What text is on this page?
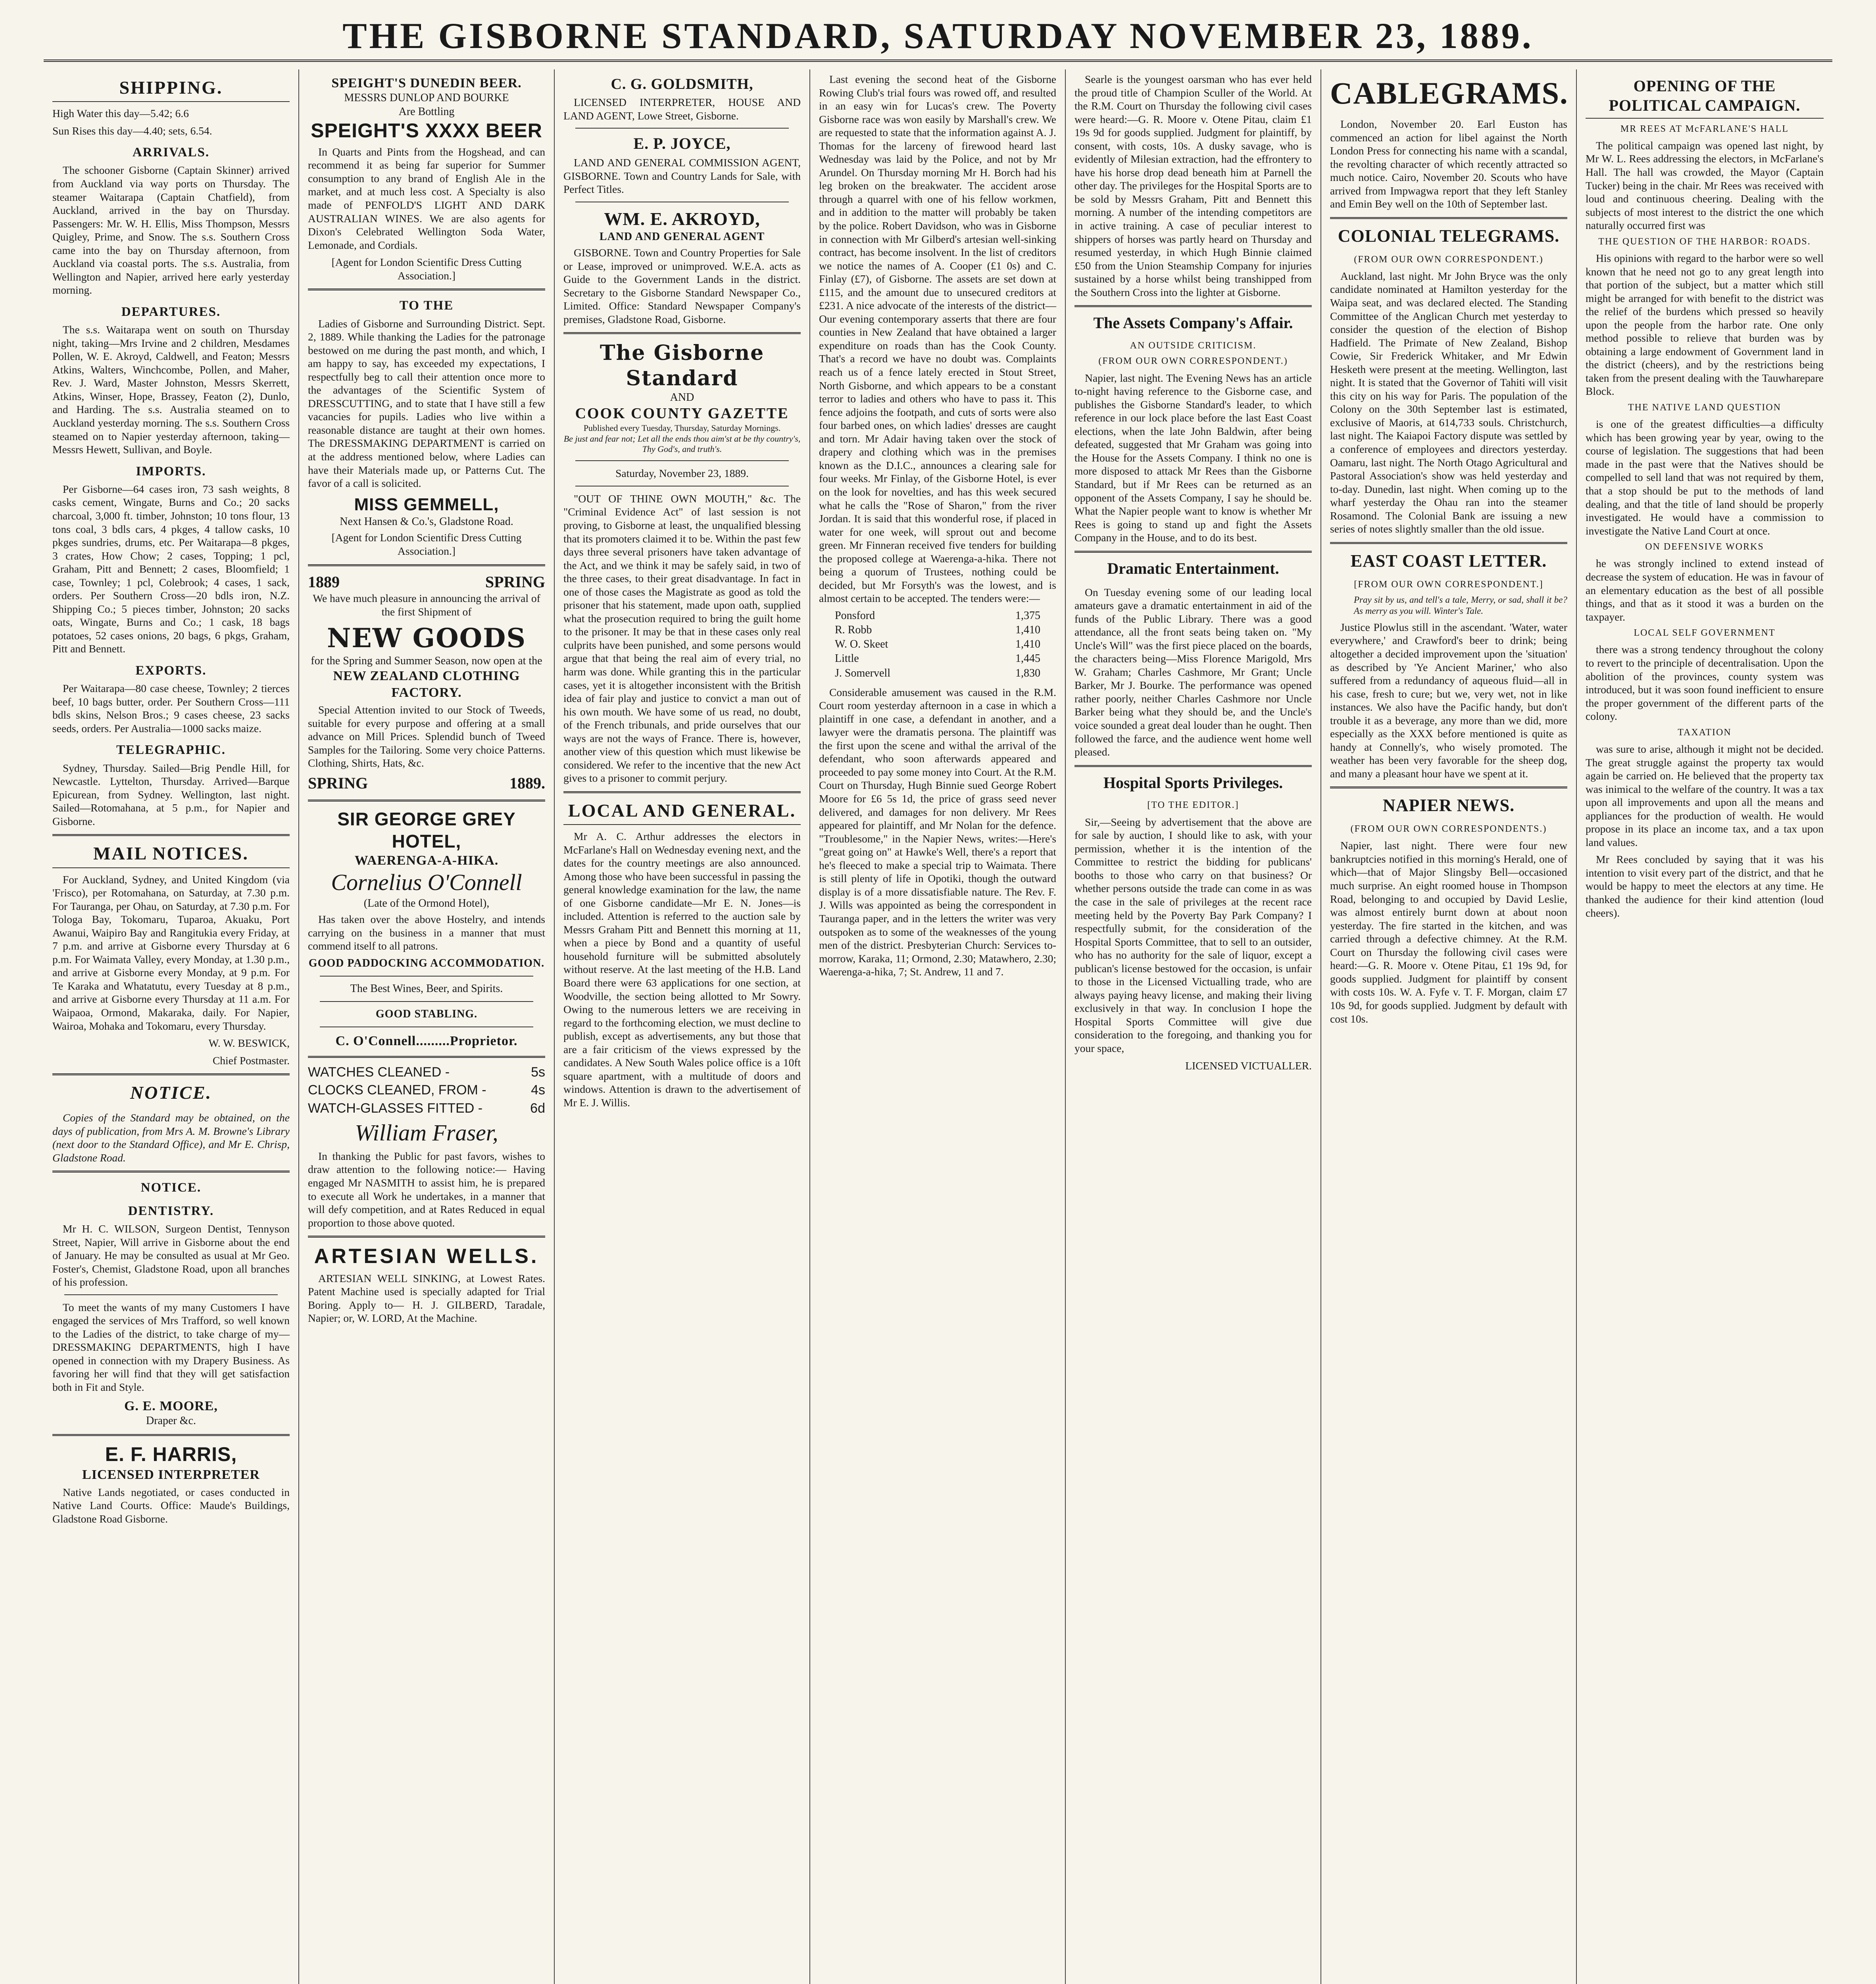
THE GISBORNE STANDARD, SATURDAY NOVEMBER 23, 1889.
SHIPPING.

High Water this day—5.42; 6.6

Sun Rises this day—4.40; sets, 6.54.

ARRIVALS.

The schooner Gisborne (Captain Skinner) arrived from Auckland via way ports on Thursday. The steamer Waitarapa (Captain Chatfield), from Auckland, arrived in the bay on Thursday. Passengers: Mr. W. H. Ellis, Miss Thompson, Messrs Quigley, Prime, and Snow. The s.s. Southern Cross came into the bay on Thursday afternoon, from Auckland via coastal ports. The s.s. Australia, from Wellington and Napier, arrived here early yesterday morning.

DEPARTURES.

The s.s. Waitarapa went on south on Thursday night, taking—Mrs Irvine and 2 children, Mesdames Pollen, W. E. Akroyd, Caldwell, and Featon; Messrs Atkins, Walters, Winchcombe, Pollen, and Maher, Rev. J. Ward, Master Johnston, Messrs Skerrett, Atkins, Winser, Hope, Brassey, Featon (2), Dunlo, and Harding. The s.s. Australia steamed on to Auckland yesterday morning. The s.s. Southern Cross steamed on to Napier yesterday afternoon, taking—Messrs Hewett, Sullivan, and Boyle.

IMPORTS.

Per Gisborne—64 cases iron, 73 sash weights, 8 casks cement, Wingate, Burns and Co.; 20 sacks charcoal, 3,000 ft. timber, Johnston; 10 tons flour, 13 tons coal, 3 bdls cars, 4 pkges, 4 tallow casks, 10 pkges sundries, drums, etc. Per Waitarapa—8 pkges, 3 crates, How Chow; 2 cases, Topping; 1 pcl, Graham, Pitt and Bennett; 2 cases, Bloomfield; 1 case, Townley; 1 pcl, Colebrook; 4 cases, 1 sack, orders. Per Southern Cross—20 bdls iron, N.Z. Shipping Co.; 5 pieces timber, Johnston; 20 sacks oats, Wingate, Burns and Co.; 1 cask, 18 bags potatoes, 52 cases onions, 20 bags, 6 pkgs, Graham, Pitt and Bennett.

EXPORTS.

Per Waitarapa—80 case cheese, Townley; 2 tierces beef, 10 bags butter, order. Per Southern Cross—111 bdls skins, Nelson Bros.; 9 cases cheese, 23 sacks seeds, orders. Per Australia—1000 sacks maize.

TELEGRAPHIC.

Sydney, Thursday. Sailed—Brig Pendle Hill, for Newcastle. Lyttelton, Thursday. Arrived—Barque Epicurean, from Sydney. Wellington, last night. Sailed—Rotomahana, at 5 p.m., for Napier and Gisborne.

MAIL NOTICES.

For Auckland, Sydney, and United Kingdom (via 'Frisco), per Rotomahana, on Saturday, at 7.30 p.m. For Tauranga, per Ohau, on Saturday, at 7.30 p.m. For Tologa Bay, Tokomaru, Tuparoa, Akuaku, Port Awanui, Waipiro Bay and Rangitukia every Friday, at 7 p.m. and arrive at Gisborne every Thursday at 6 p.m. For Waimata Valley, every Monday, at 1.30 p.m., and arrive at Gisborne every Monday, at 9 p.m. For Te Karaka and Whatatutu, every Tuesday at 8 p.m., and arrive at Gisborne every Thursday at 11 a.m. For Waipaoa, Ormond, Makaraka, daily. For Napier, Wairoa, Mohaka and Tokomaru, every Thursday.

W. W. BESWICK,

Chief Postmaster.

NOTICE.

Copies of the Standard may be obtained, on the days of publication, from Mrs A. M. Browne's Library (next door to the Standard Office), and Mr E. Chrisp, Gladstone Road.

NOTICE.
DENTISTRY.

Mr H. C. WILSON, Surgeon Dentist, Tennyson Street, Napier, Will arrive in Gisborne about the end of January. He may be consulted as usual at Mr Geo. Foster's, Chemist, Gladstone Road, upon all branches of his profession.

To meet the wants of my many Customers I have engaged the services of Mrs Trafford, so well known to the Ladies of the district, to take charge of my—DRESSMAKING DEPARTMENTS, high I have opened in connection with my Drapery Business. As favoring her will find that they will get satisfaction both in Fit and Style.

G. E. MOORE,
Draper &c.
E. F. HARRIS,
LICENSED INTERPRETER

Native Lands negotiated, or cases conducted in Native Land Courts. Office: Maude's Buildings, Gladstone Road Gisborne.

SPEIGHT'S DUNEDIN BEER.
MESSRS DUNLOP AND BOURKE
Are Bottling
SPEIGHT'S XXXX BEER

In Quarts and Pints from the Hogshead, and can recommend it as being far superior for Summer consumption to any brand of English Ale in the market, and at much less cost. A Specialty is also made of PENFOLD'S LIGHT AND DARK AUSTRALIAN WINES. We are also agents for Dixon's Celebrated Wellington Soda Water, Lemonade, and Cordials.

[Agent for London Scientific Dress Cutting Association.]

TO THE

Ladies of Gisborne and Surrounding District. Sept. 2, 1889. While thanking the Ladies for the patronage bestowed on me during the past month, and which, I am happy to say, has exceeded my expectations, I respectfully beg to call their attention once more to the advantages of the Scientific System of DRESSCUTTING, and to state that I have still a few vacancies for pupils. Ladies who live within a reasonable distance are taught at their own homes. The DRESSMAKING DEPARTMENT is carried on at the address mentioned below, where Ladies can have their Materials made up, or Patterns Cut. The favor of a call is solicited.

MISS GEMMELL,
Next Hansen & Co.'s, Gladstone Road.

[Agent for London Scientific Dress Cutting Association.]

1889	SPRING

We have much pleasure in announcing the arrival of the first Shipment of

NEW GOODS
for the Spring and Summer Season, now open at the
NEW ZEALAND CLOTHING FACTORY.

Special Attention invited to our Stock of Tweeds, suitable for every purpose and offering at a small advance on Mill Prices. Splendid bunch of Tweed Samples for the Tailoring. Some very choice Patterns. Clothing, Shirts, Hats, &c.

SPRING	1889.
SIR GEORGE GREY HOTEL,
WAERENGA-A-HIKA.
Cornelius O'Connell
(Late of the Ormond Hotel),

Has taken over the above Hostelry, and intends carrying on the business in a manner that must commend itself to all patrons.

GOOD PADDOCKING ACCOMMODATION.
The Best Wines, Beer, and Spirits.
GOOD STABLING.
C. O'Connell.........Proprietor.
WATCHES CLEANED -	5s
CLOCKS CLEANED, FROM -	4s
WATCH-GLASSES FITTED -	6d
William Fraser,

In thanking the Public for past favors, wishes to draw attention to the following notice:— Having engaged Mr NASMITH to assist him, he is prepared to execute all Work he undertakes, in a manner that will defy competition, and at Rates Reduced in equal proportion to those above quoted.

ARTESIAN WELLS.

ARTESIAN WELL SINKING, at Lowest Rates. Patent Machine used is specially adapted for Trial Boring. Apply to— H. J. GILBERD, Taradale, Napier; or, W. LORD, At the Machine.

C. G. GOLDSMITH,

LICENSED INTERPRETER, HOUSE AND LAND AGENT, Lowe Street, Gisborne.

E. P. JOYCE,

LAND AND GENERAL COMMISSION AGENT, GISBORNE. Town and Country Lands for Sale, with Perfect Titles.

WM. E. AKROYD,
LAND AND GENERAL AGENT

GISBORNE. Town and Country Properties for Sale or Lease, improved or unimproved. W.E.A. acts as Guide to the Government Lands in the district. Secretary to the Gisborne Standard Newspaper Co., Limited. Office: Standard Newspaper Company's premises, Gladstone Road, Gisborne.

The Gisborne Standard
AND
COOK COUNTY GAZETTE
Published every Tuesday, Thursday, Saturday Mornings.
Be just and fear not; Let all the ends thou aim'st at be thy country's, Thy God's, and truth's.

Saturday, November 23, 1889.

"OUT OF THINE OWN MOUTH," &c. The "Criminal Evidence Act" of last session is not proving, to Gisborne at least, the unqualified blessing that its promoters claimed it to be. Within the past few days three several prisoners have taken advantage of the Act, and we think it may be safely said, in two of the three cases, to their great disadvantage. In fact in one of those cases the Magistrate as good as told the prisoner that his statement, made upon oath, supplied what the prosecution required to bring the guilt home to the prisoner. It may be that in these cases only real culprits have been punished, and some persons would argue that that being the real aim of every trial, no harm was done. While granting this in the particular cases, yet it is altogether inconsistent with the British idea of fair play and justice to convict a man out of his own mouth. We have some of us read, no doubt, of the French tribunals, and pride ourselves that our ways are not the ways of France. There is, however, another view of this question which must likewise be considered. We refer to the incentive that the new Act gives to a prisoner to commit perjury.

LOCAL AND GENERAL.

Mr A. C. Arthur addresses the electors in McFarlane's Hall on Wednesday evening next, and the dates for the country meetings are also announced. Among those who have been successful in passing the general knowledge examination for the law, the name of one Gisborne candidate—Mr E. N. Jones—is included. Attention is referred to the auction sale by Messrs Graham Pitt and Bennett this morning at 11, when a piece by Bond and a quantity of useful household furniture will be submitted absolutely without reserve. At the last meeting of the H.B. Land Board there were 63 applications for one section, at Woodville, the section being allotted to Mr Sowry. Owing to the numerous letters we are receiving in regard to the forthcoming election, we must decline to publish, except as advertisements, any but those that are a fair criticism of the views expressed by the candidates. A New South Wales police office is a 10ft square apartment, with a multitude of doors and windows. Attention is drawn to the advertisement of Mr E. J. Willis.

Last evening the second heat of the Gisborne Rowing Club's trial fours was rowed off, and resulted in an easy win for Lucas's crew. The Poverty Gisborne race was won easily by Marshall's crew. We are requested to state that the information against A. J. Thomas for the larceny of firewood heard last Wednesday was laid by the Police, and not by Mr Arundel. On Thursday morning Mr H. Borch had his leg broken on the breakwater. The accident arose through a quarrel with one of his fellow workmen, and in addition to the matter will probably be taken by the police. Robert Davidson, who was in Gisborne in connection with Mr Gilberd's artesian well-sinking contract, has become insolvent. In the list of creditors we notice the names of A. Cooper (£1 0s) and C. Finlay (£7), of Gisborne. The assets are set down at £115, and the amount due to unsecured creditors at £231. A nice advocate of the interests of the district—Our evening contemporary asserts that there are four counties in New Zealand that have obtained a larger expenditure on roads than has the Cook County. That's a record we have no doubt was. Complaints reach us of a fence lately erected in Stout Street, North Gisborne, and which appears to be a constant terror to ladies and others who have to pass it. This fence adjoins the footpath, and cuts of sorts were also four barbed ones, on which ladies' dresses are caught and torn. Mr Adair having taken over the stock of drapery and clothing which was in the premises known as the D.I.C., announces a clearing sale for four weeks. Mr Finlay, of the Gisborne Hotel, is ever on the look for novelties, and has this week secured what he calls the "Rose of Sharon," from the river Jordan. It is said that this wonderful rose, if placed in water for one week, will sprout out and become green. Mr Finneran received five tenders for building the proposed college at Waerenga-a-hika. There not being a quorum of Trustees, nothing could be decided, but Mr Forsyth's was the lowest, and is almost certain to be accepted. The tenders were:—

Ponsford	1,375
R. Robb	1,410
W. O. Skeet	1,410
Little	1,445
J. Somervell	1,830

Considerable amusement was caused in the R.M. Court room yesterday afternoon in a case in which a plaintiff in one case, a defendant in another, and a lawyer were the dramatis persona. The plaintiff was the first upon the scene and withal the arrival of the defendant, who soon afterwards appeared and proceeded to pay some money into Court. At the R.M. Court on Thursday, Hugh Binnie sued George Robert Moore for £6 5s 1d, the price of grass seed never delivered, and damages for non delivery. Mr Rees appeared for plaintiff, and Mr Nolan for the defence. "Troublesome," in the Napier News, writes:—Here's "great going on" at Hawke's Well, there's a report that he's fleeced to make a special trip to Waimata. There is still plenty of life in Opotiki, though the outward display is of a more dissatisfiable nature. The Rev. F. J. Wills was appointed as being the correspondent in Tauranga paper, and in the letters the writer was very outspoken as to some of the weaknesses of the young men of the district. Presbyterian Church: Services to-morrow, Karaka, 11; Ormond, 2.30; Matawhero, 2.30; Waerenga-a-hika, 7; St. Andrew, 11 and 7.

Searle is the youngest oarsman who has ever held the proud title of Champion Sculler of the World. At the R.M. Court on Thursday the following civil cases were heard:—G. R. Moore v. Otene Pitau, claim £1 19s 9d for goods supplied. Judgment for plaintiff, by consent, with costs, 10s. A dusky savage, who is evidently of Milesian extraction, had the effrontery to have his horse drop dead beneath him at Parnell the other day. The privileges for the Hospital Sports are to be sold by Messrs Graham, Pitt and Bennett this morning. A number of the intending competitors are in active training. A case of peculiar interest to shippers of horses was partly heard on Thursday and resumed yesterday, in which Hugh Binnie claimed £50 from the Union Steamship Company for injuries sustained by a horse whilst being transhipped from the Southern Cross into the lighter at Gisborne.

The Assets Company's Affair.
AN OUTSIDE CRITICISM.
(FROM OUR OWN CORRESPONDENT.)

Napier, last night. The Evening News has an article to-night having reference to the Gisborne case, and publishes the Gisborne Standard's leader, to which reference in our lock place before the last East Coast elections, when the late John Baldwin, after being defeated, suggested that Mr Graham was going into the House for the Assets Company. I think no one is more disposed to attack Mr Rees than the Gisborne Standard, but if Mr Rees can be returned as an opponent of the Assets Company, I say he should be. What the Napier people want to know is whether Mr Rees is going to stand up and fight the Assets Company in the House, and to do its best.

Dramatic Entertainment.

On Tuesday evening some of our leading local amateurs gave a dramatic entertainment in aid of the funds of the Public Library. There was a good attendance, all the front seats being taken on. "My Uncle's Will" was the first piece placed on the boards, the characters being—Miss Florence Marigold, Mrs W. Graham; Charles Cashmore, Mr Grant; Uncle Barker, Mr J. Bourke. The performance was opened rather poorly, neither Charles Cashmore nor Uncle Barker being what they should be, and the Uncle's voice sounded a great deal louder than he ought. Then followed the farce, and the audience went home well pleased.

Hospital Sports Privileges.
[TO THE EDITOR.]

Sir,—Seeing by advertisement that the above are for sale by auction, I should like to ask, with your permission, whether it is the intention of the Committee to restrict the bidding for publicans' booths to those who carry on that business? Or whether persons outside the trade can come in as was the case in the sale of privileges at the recent race meeting held by the Poverty Bay Park Company? I respectfully submit, for the consideration of the Hospital Sports Committee, that to sell to an outsider, who has no authority for the sale of liquor, except a publican's license bestowed for the occasion, is unfair to those in the Licensed Victualling trade, who are always paying heavy license, and making their living exclusively in that way. In conclusion I hope the Hospital Sports Committee will give due consideration to the foregoing, and thanking you for your space,

LICENSED VICTUALLER.

CABLEGRAMS.

London, November 20. Earl Euston has commenced an action for libel against the North London Press for connecting his name with a scandal, the revolting character of which recently attracted so much notice. Cairo, November 20. Scouts who have arrived from Impwagwa report that they left Stanley and Emin Bey well on the 10th of September last.

COLONIAL TELEGRAMS.
(FROM OUR OWN CORRESPONDENT.)

Auckland, last night. Mr John Bryce was the only candidate nominated at Hamilton yesterday for the Waipa seat, and was declared elected. The Standing Committee of the Anglican Church met yesterday to consider the question of the election of Bishop Hadfield. The Primate of New Zealand, Bishop Cowie, Sir Frederick Whitaker, and Mr Edwin Hesketh were present at the meeting. Wellington, last night. It is stated that the Governor of Tahiti will visit this city on his way for Paris. The population of the Colony on the 30th September last is estimated, exclusive of Maoris, at 614,733 souls. Christchurch, last night. The Kaiapoi Factory dispute was settled by a conference of employees and directors yesterday. Oamaru, last night. The North Otago Agricultural and Pastoral Association's show was held yesterday and to-day. Dunedin, last night. When coming up to the wharf yesterday the Ohau ran into the steamer Rosamond. The Colonial Bank are issuing a new series of notes slightly smaller than the old issue.

EAST COAST LETTER.
[FROM OUR OWN CORRESPONDENT.]

Pray sit by us, and tell's a tale, Merry, or sad, shall it be? As merry as you will. Winter's Tale.

Justice Plowlus still in the ascendant. 'Water, water everywhere,' and Crawford's beer to drink; being altogether a decided improvement upon the 'situation' as described by 'Ye Ancient Mariner,' who also suffered from a redundancy of aqueous fluid—all in his case, fresh to cure; but we, very wet, not in like instances. We also have the Pacific handy, but don't trouble it as a beverage, any more than we did, more especially as the XXX before mentioned is quite as handy at Connelly's, who wisely promoted. The weather has been very favorable for the sheep dog, and many a pleasant hour have we spent at it.

NAPIER NEWS.
(FROM OUR OWN CORRESPONDENTS.)

Napier, last night. There were four new bankruptcies notified in this morning's Herald, one of which—that of Major Slingsby Bell—occasioned much surprise. An eight roomed house in Thompson Road, belonging to and occupied by David Leslie, was almost entirely burnt down at about noon yesterday. The fire started in the kitchen, and was carried through a defective chimney. At the R.M. Court on Thursday the following civil cases were heard:—G. R. Moore v. Otene Pitau, £1 19s 9d, for goods supplied. Judgment for plaintiff by consent with costs 10s. W. A. Fyfe v. T. F. Morgan, claim £7 10s 9d, for goods supplied. Judgment by default with cost 10s.

OPENING OF THE POLITICAL CAMPAIGN.
MR REES AT McFARLANE'S HALL

The political campaign was opened last night, by Mr W. L. Rees addressing the electors, in McFarlane's Hall. The hall was crowded, the Mayor (Captain Tucker) being in the chair. Mr Rees was received with loud and continuous cheering. Dealing with the subjects of most interest to the district the one which naturally occurred first was

THE QUESTION OF THE HARBOR: ROADS.

His opinions with regard to the harbor were so well known that he need not go to any great length into that portion of the subject, but a matter which still might be arranged for with benefit to the district was the relief of the burdens which pressed so heavily upon the people from the harbor rate. One only method possible to relieve that burden was by obtaining a large endowment of Government land in the district (cheers), and by the restrictions being taken from the present dealing with the Tauwharepare Block.

THE NATIVE LAND QUESTION

is one of the greatest difficulties—a difficulty which has been growing year by year, owing to the course of legislation. The suggestions that had been made in the past were that the Natives should be compelled to sell land that was not required by them, that a stop should be put to the methods of land dealing, and that the title of land should be properly investigated. He would have a commission to investigate the Native Land Court at once.

ON DEFENSIVE WORKS

he was strongly inclined to extend instead of decrease the system of education. He was in favour of an elementary education as the best of all possible things, and that as it stood it was a burden on the taxpayer.

LOCAL SELF GOVERNMENT

there was a strong tendency throughout the colony to revert to the principle of decentralisation. Upon the abolition of the provinces, county system was introduced, but it was soon found inefficient to ensure the proper government of the different parts of the colony.

TAXATION

was sure to arise, although it might not be decided. The great struggle against the property tax would again be carried on. He believed that the property tax was inimical to the welfare of the country. It was a tax upon all improvements and upon all the means and appliances for the production of wealth. He would propose in its place an income tax, and a tax upon land values.

Mr Rees concluded by saying that it was his intention to visit every part of the district, and that he would be happy to meet the electors at any time. He thanked the audience for their kind attention (loud cheers).
